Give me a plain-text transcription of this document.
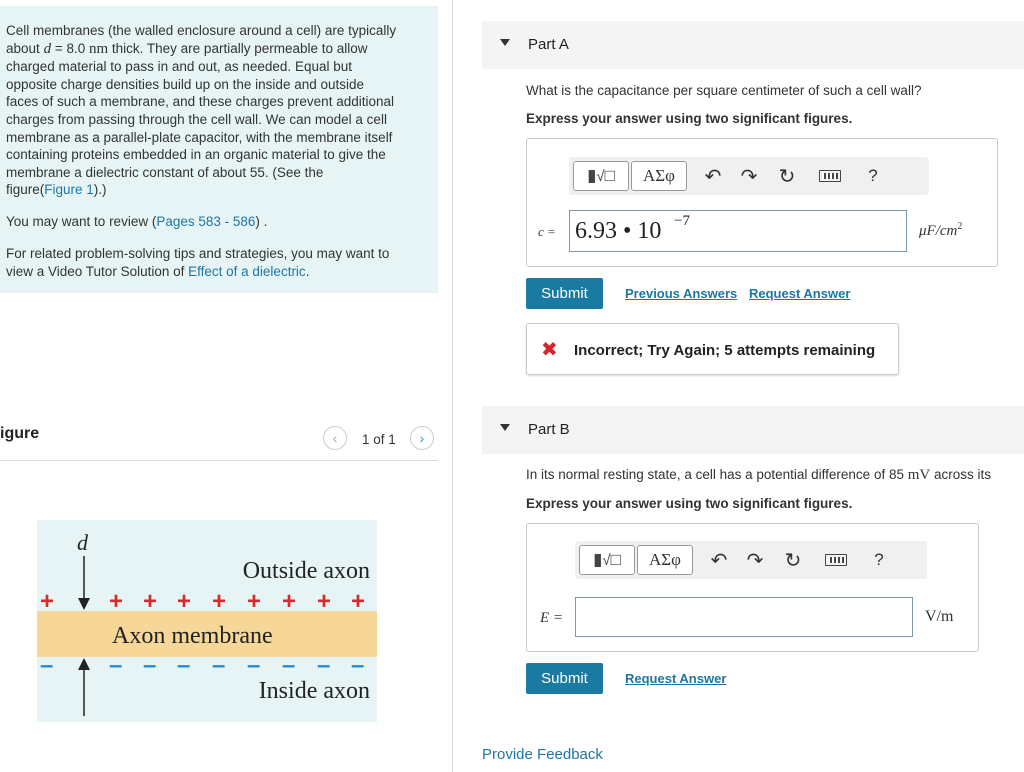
Cell membranes (the walled enclosure around a cell) are typically
about d = 8.0 nm thick. They are partially permeable to allow
charged material to pass in and out, as needed. Equal but
opposite charge densities build up on the inside and outside
faces of such a membrane, and these charges prevent additional
charges from passing through the cell wall. We can model a cell
membrane as a parallel-plate capacitor, with the membrane itself
containing proteins embedded in an organic material to give the
membrane a dielectric constant of about 55. (See the
figure(Figure 1).)

You may want to review (Pages 583 - 586) .

For related problem-solving tips and strategies, you may want to
view a Video Tutor Solution of Effect of a dielectric.

igure	‹ 1 of 1 ›
d
Outside axon
Axon membrane
Inside axon
+ + + + + + + + +
– – – – – – – – –
Part A
What is the capacitance per square centimeter of such a cell wall?
Express your answer using two significant figures.
▮√□ ΑΣφ ↶ ↷ ↻	?
c = 6.93 • 10 −7
$\mu F/cm^2$
Submit	Previous Answers Request Answer
✖ Incorrect; Try Again; 5 attempts remaining
Part B
In its normal resting state, a cell has a potential difference of 85 mV across its
Express your answer using two significant figures.
▮√□ ΑΣφ ↶ ↷ ↻	?
E =	V/m
Submit	Request Answer
Provide Feedback
